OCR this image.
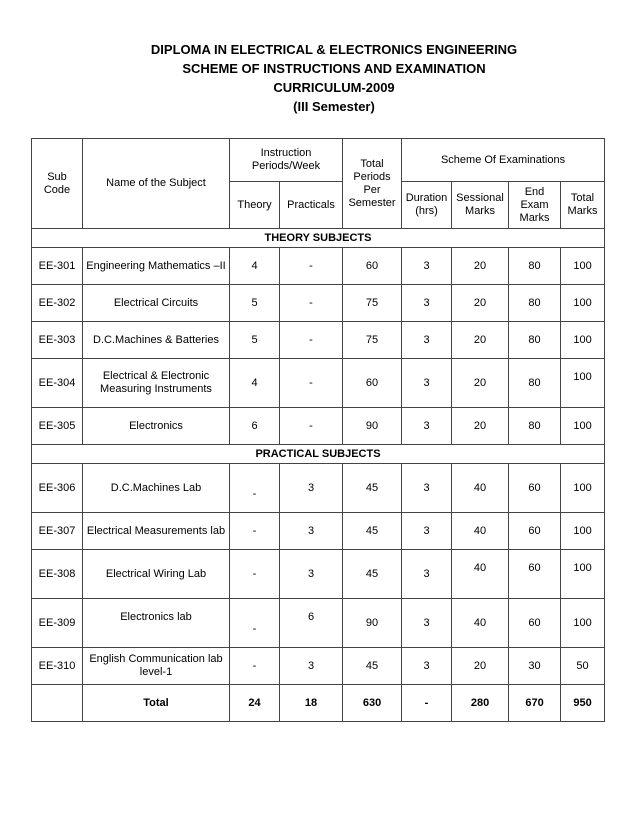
DIPLOMA IN ELECTRICAL & ELECTRONICS ENGINEERING
SCHEME OF INSTRUCTIONS AND EXAMINATION
CURRICULUM-2009
(III Semester)
Sub Code	Name of the Subject	Instruction Periods/Week		Total Periods Per Semester	Scheme Of Examinations			
		Theory	Practicals		Duration (hrs)	Sessional Marks	End Exam Marks	Total Marks
THEORY SUBJECTS								
EE-301	Engineering Mathematics –II	4	-	60	3	20	80	100
EE-302	Electrical Circuits	5	-	75	3	20	80	100
EE-303	D.C.Machines & Batteries	5	-	75	3	20	80	100
EE-304	Electrical & Electronic Measuring Instruments	4	-	60	3	20	80	100
EE-305	Electronics	6	-	90	3	20	80	100
PRACTICAL SUBJECTS								
EE-306	D.C.Machines Lab	-	3	45	3	40	60	100
EE-307	Electrical Measurements lab	-	3	45	3	40	60	100
EE-308	Electrical Wiring Lab	-	3	45	3	40	60	100
EE-309	Electronics lab	-	6	90	3	40	60	100
EE-310	English Communication lab level-1	-	3	45	3	20	30	50
	Total	24	18	630	-	280	670	950
